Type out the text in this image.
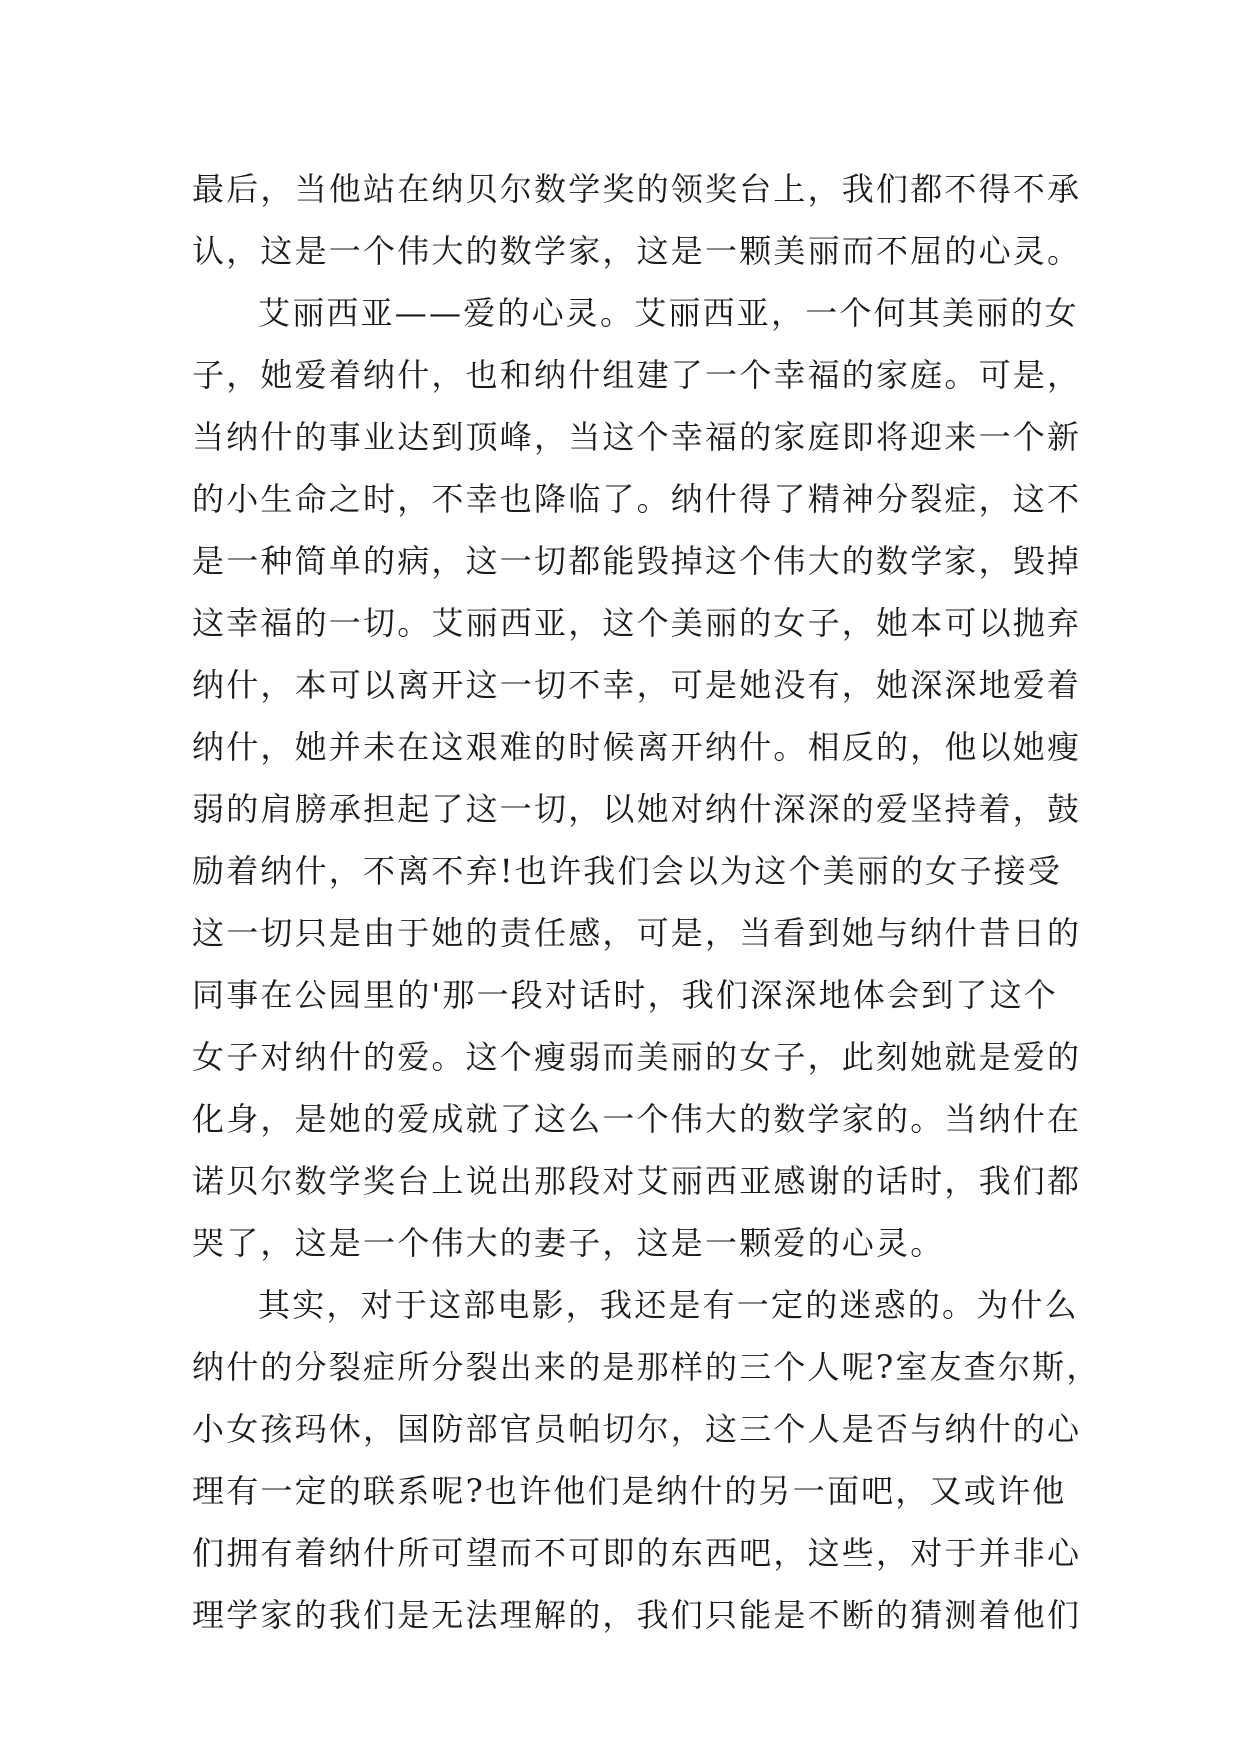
最后，当他站在纳贝尔数学奖的领奖台上，我们都不得不承
认，这是一个伟大的数学家，这是一颗美丽而不屈的心灵。
艾丽西亚——爱的心灵。艾丽西亚，一个何其美丽的女
子，她爱着纳什，也和纳什组建了一个幸福的家庭。可是，
当纳什的事业达到顶峰，当这个幸福的家庭即将迎来一个新
的小生命之时，不幸也降临了。纳什得了精神分裂症，这不
是一种简单的病，这一切都能毁掉这个伟大的数学家，毁掉
这幸福的一切。艾丽西亚，这个美丽的女子，她本可以抛弃
纳什，本可以离开这一切不幸，可是她没有，她深深地爱着
纳什，她并未在这艰难的时候离开纳什。相反的，他以她瘦
弱的肩膀承担起了这一切，以她对纳什深深的爱坚持着，鼓
励着纳什，不离不弃!也许我们会以为这个美丽的女子接受
这一切只是由于她的责任感，可是，当看到她与纳什昔日的
同事在公园里的'那一段对话时，我们深深地体会到了这个
女子对纳什的爱。这个瘦弱而美丽的女子，此刻她就是爱的
化身，是她的爱成就了这么一个伟大的数学家的。当纳什在
诺贝尔数学奖台上说出那段对艾丽西亚感谢的话时，我们都
哭了，这是一个伟大的妻子，这是一颗爱的心灵。
其实，对于这部电影，我还是有一定的迷惑的。为什么
纳什的分裂症所分裂出来的是那样的三个人呢?室友查尔斯，
小女孩玛休，国防部官员帕切尔，这三个人是否与纳什的心
理有一定的联系呢?也许他们是纳什的另一面吧，又或许他
们拥有着纳什所可望而不可即的东西吧，这些，对于并非心
理学家的我们是无法理解的，我们只能是不断的猜测着他们
